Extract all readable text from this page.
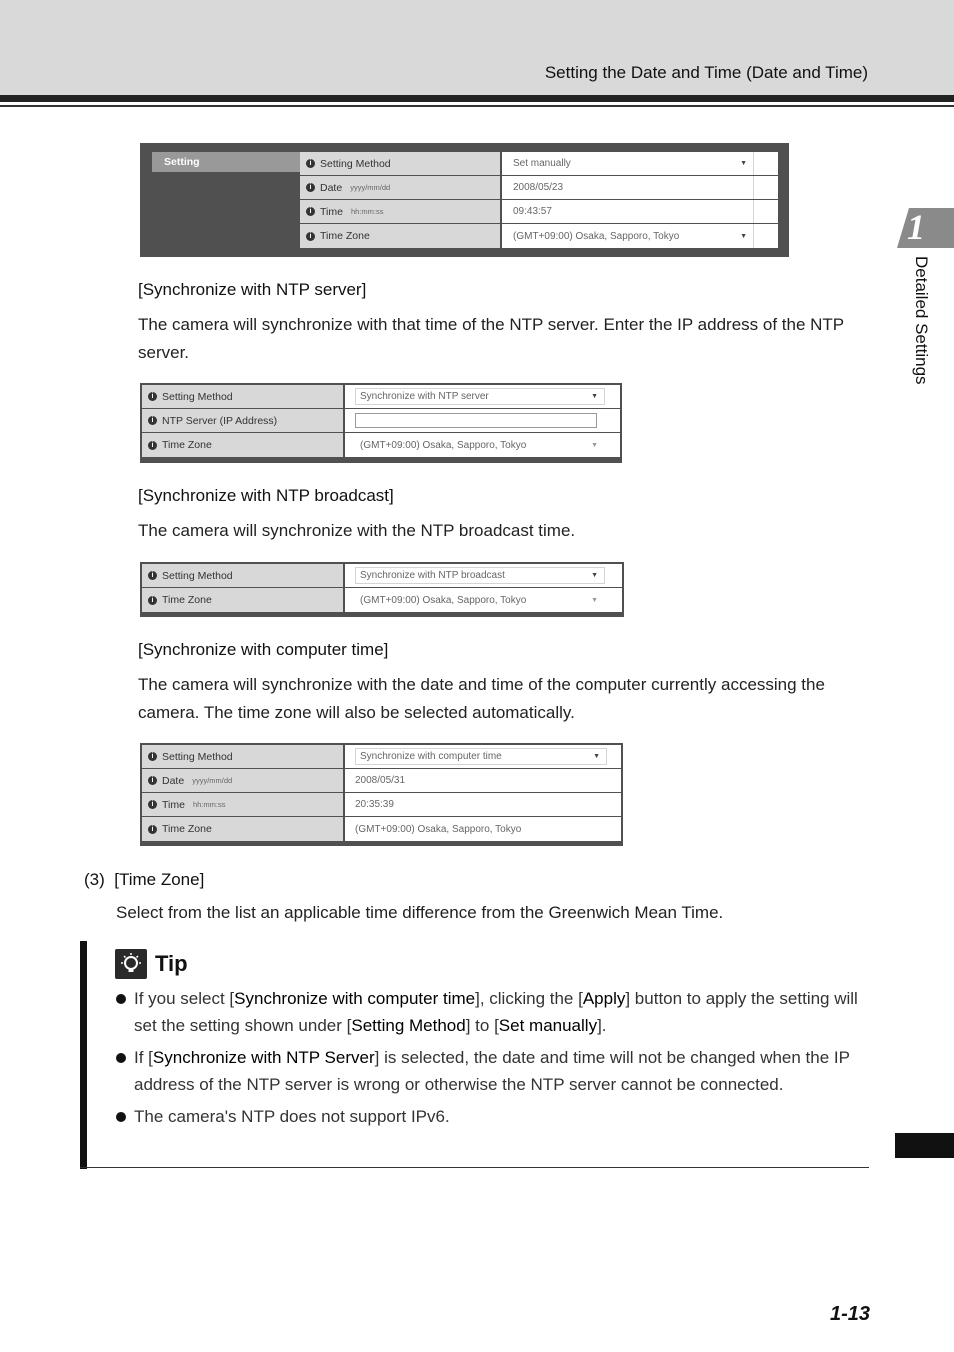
Setting the Date and Time (Date and Time)
1
Detailed Settings
Setting	i Setting Method	Set manually	▼
i Date yyyy/mm/dd	2008/05/23
i Time hh:mm:ss	09:43:57
i Time Zone	(GMT+09:00) Osaka, Sapporo, Tokyo	▼
[Synchronize with NTP server]
The camera will synchronize with that time of the NTP server. Enter the IP address of the NTP server.
i Setting Method	Synchronize with NTP server	▼
i NTP Server (IP Address)
i Time Zone	(GMT+09:00) Osaka, Sapporo, Tokyo	▼
[Synchronize with NTP broadcast]
The camera will synchronize with the NTP broadcast time.
i Setting Method	Synchronize with NTP broadcast	▼
i Time Zone	(GMT+09:00) Osaka, Sapporo, Tokyo	▼
[Synchronize with computer time]
The camera will synchronize with the date and time of the computer currently accessing the camera. The time zone will also be selected automatically.
i Setting Method	Synchronize with computer time	▼
i Date yyyy/mm/dd	2008/05/31
i Time hh:mm:ss	20:35:39
i Time Zone	(GMT+09:00) Osaka, Sapporo, Tokyo
(3) [Time Zone]
Select from the list an applicable time difference from the Greenwich Mean Time.
Tip
If you select [Synchronize with computer time], clicking the [Apply] button to apply the setting will set the setting shown under [Setting Method] to [Set manually].
If [Synchronize with NTP Server] is selected, the date and time will not be changed when the IP address of the NTP server is wrong or otherwise the NTP server cannot be connected.
The camera's NTP does not support IPv6.
1-13
